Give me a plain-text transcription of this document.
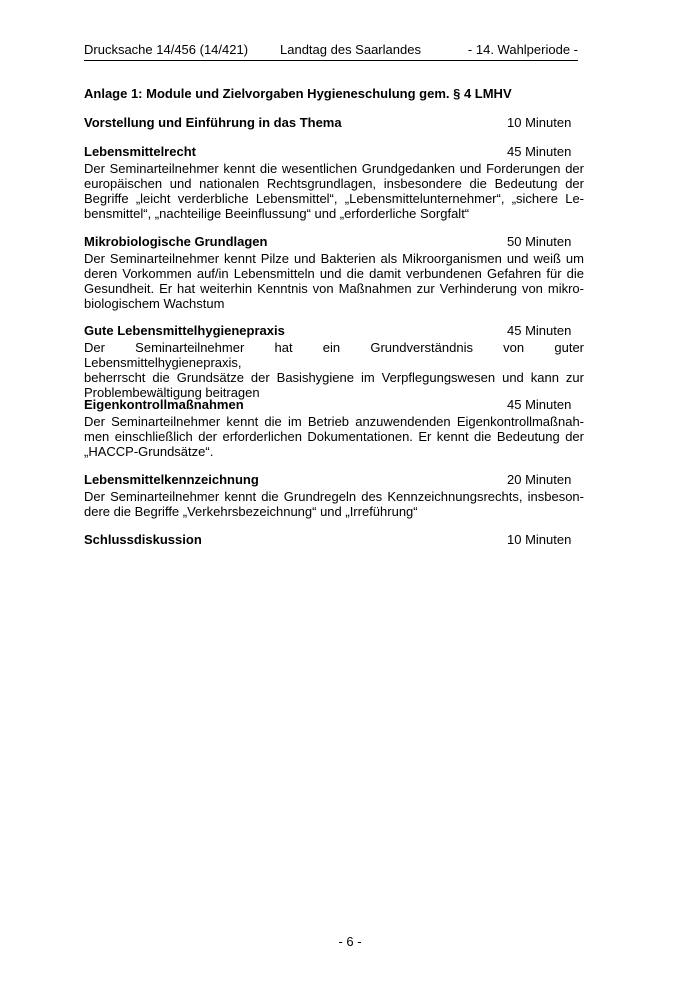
Drucksache 14/456 (14/421) Landtag des Saarlandes	- 14. Wahlperiode -
Anlage 1: Module und Zielvorgaben Hygieneschulung gem. § 4 LMHV
Vorstellung und Einführung in das Thema	10 Minuten
Lebensmittelrecht	45 Minuten
Der Seminarteilnehmer kennt die wesentlichen Grundgedanken und Forderungen der
europäischen und nationalen Rechtsgrundlagen, insbesondere die Bedeutung der
Begriffe „leicht verderbliche Lebensmittel“, „Lebensmittelunternehmer“, „sichere Le-
bensmittel“, „nachteilige Beeinflussung“ und „erforderliche Sorgfalt“
Mikrobiologische Grundlagen	50 Minuten
Der Seminarteilnehmer kennt Pilze und Bakterien als Mikroorganismen und weiß um
deren Vorkommen auf/in Lebensmitteln und die damit verbundenen Gefahren für die
Gesundheit. Er hat weiterhin Kenntnis von Maßnahmen zur Verhinderung von mikro-
biologischem Wachstum
Gute Lebensmittelhygienepraxis	45 Minuten
Der Seminarteilnehmer hat ein Grundverständnis von guter Lebensmittelhygienepraxis,
beherrscht die Grundsätze der Basishygiene im Verpflegungswesen und kann zur
Problembewältigung beitragen
Eigenkontrollmaßnahmen	45 Minuten
Der Seminarteilnehmer kennt die im Betrieb anzuwendenden Eigenkontrollmaßnah-
men einschließlich der erforderlichen Dokumentationen. Er kennt die Bedeutung der
„HACCP-Grundsätze“.
Lebensmittelkennzeichnung	20 Minuten
Der Seminarteilnehmer kennt die Grundregeln des Kennzeichnungsrechts, insbeson-
dere die Begriffe „Verkehrsbezeichnung“ und „Irreführung“
Schlussdiskussion	10 Minuten
- 6 -
